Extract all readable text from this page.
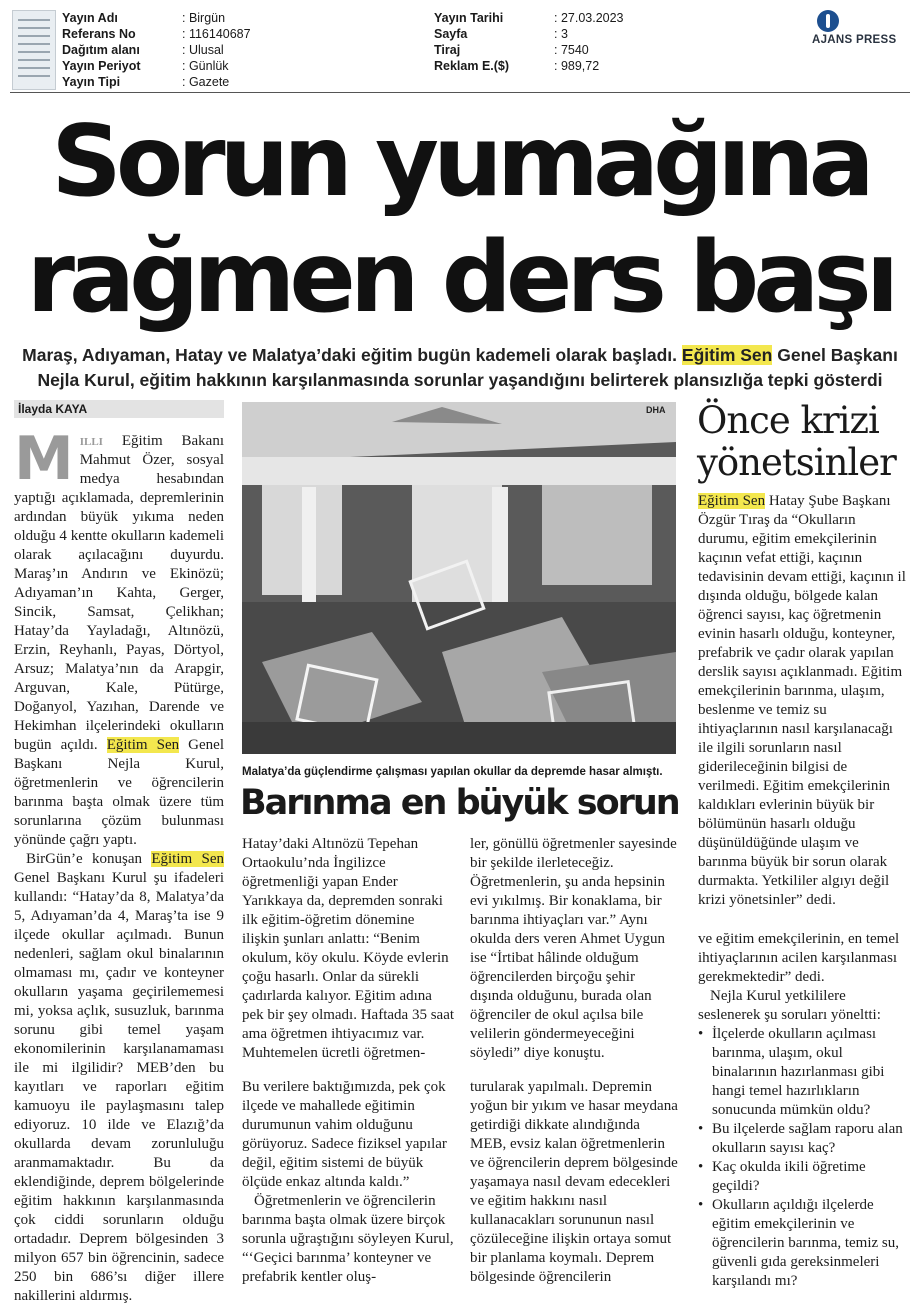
Yayın Adı	: Birgün
Referans No	: 116140687
Dağıtım alanı	: Ulusal
Yayın Periyot	: Günlük
Yayın Tipi	: Gazete
Yayın Tarihi	: 27.03.2023
Sayfa	: 3
Tiraj	: 7540
Reklam E.($)	: 989,72
AJANS PRESS
Sorun yumağına
rağmen ders başı
Maraş, Adıyaman, Hatay ve Malatya’daki eğitim bugün kademeli olarak başladı. Eğitim Sen Genel Başkanı
Nejla Kurul, eğitim hakkının karşılanmasında sorunlar yaşandığını belirterek plansızlığa tepki gösterdi
İlayda KAYA

M illi Eğitim Bakanı Mahmut Özer, sosyal medya hesabından yaptığı açıklamada, depremlerinin ardından büyük yıkıma neden olduğu 4 kentte okulların kademeli olarak açılacağını duyurdu. Maraş’ın Andırın ve Ekinözü; Adıyaman’ın Kahta, Gerger, Sincik, Samsat, Çelikhan; Hatay’da Yayladağı, Altınözü, Erzin, Reyhanlı, Payas, Dörtyol, Arsuz; Malatya’nın da Arapgir, Arguvan, Kale, Pütürge, Doğanyol, Yazıhan, Darende ve Hekimhan ilçelerindeki okulların bugün açıldı. Eğitim Sen Genel Başkanı Nejla Kurul, öğretmenlerin ve öğrencilerin barınma başta olmak üzere tüm sorunlarına çözüm bulunması yönünde çağrı yaptı.

BirGün’e konuşan Eğitim Sen Genel Başkanı Kurul şu ifadeleri kullandı: “Hatay’da 8, Malatya’da 5, Adıyaman’da 4, Maraş’ta ise 9 ilçede okullar açılmadı. Bunun nedenleri, sağlam okul binalarının olmaması mı, çadır ve konteyner okulların yaşama geçirilememesi mi, yoksa açlık, susuzluk, barınma sorunu gibi temel yaşam ekonomilerinin karşılanamaması ile mi ilgilidir? MEB’den bu kayıtları ve raporları eğitim kamuoyu ile paylaşmasını talep ediyoruz. 10 ilde ve Elazığ’da okullarda devam zorunluluğu aranmamaktadır. Bu da eklendiğinde, deprem bölgelerinde eğitim hakkının karşılanmasında çok ciddi sorunların olduğu ortadadır. Deprem bölgesinden 3 milyon 657 bin öğrencinin, sadece 250 bin 686’sı diğer illere nakillerini aldırmış.

DHA
Malatya’da güçlendirme çalışması yapılan okullar da depremde hasar almıştı.
Barınma en büyük sorun

Hatay’daki Altınözü Tepehan Ortaokulu’nda İngilizce öğretmenliği yapan Ender Yarıkkaya da, depremden sonraki ilk eğitim-öğretim dönemine ilişkin şunları anlattı: “Benim okulum, köy okulu. Köyde evlerin çoğu hasarlı. Onlar da sürekli çadırlarda kalıyor. Eğitim adına pek bir şey olmadı. Haftada 35 saat ama öğretmen ihtiyacımız var. Muhtemelen ücretli öğretmen-

ler, gönüllü öğretmenler sayesinde bir şekilde ilerleteceğiz. Öğretmenlerin, şu anda hepsinin evi yıkılmış. Bir konaklama, bir barınma ihtiyaçları var.” Aynı okulda ders veren Ahmet Uygun ise “İrtibat hâlinde olduğum öğrencilerden birçoğu şehir dışında olduğunu, burada olan öğrenciler de okul açılsa bile velilerin göndermeyeceğini söyledi” diye konuştu.

Bu verilere baktığımızda, pek çok ilçede ve mahallede eğitimin durumunun vahim olduğunu görüyoruz. Sadece fiziksel yapılar değil, eğitim sistemi de büyük ölçüde enkaz altında kaldı.”

Öğretmenlerin ve öğrencilerin barınma başta olmak üzere birçok sorunla uğraştığını söyleyen Kurul, “‘Geçici barınma’ konteyner ve prefabrik kentler oluş-

turularak yapılmalı. Depremin yoğun bir yıkım ve hasar meydana getirdiği dikkate alındığında MEB, evsiz kalan öğretmenlerin ve öğrencilerin deprem bölgesinde yaşamaya nasıl devam edecekleri ve eğitim hakkını nasıl kullanacakları sorununun nasıl çözüleceğine ilişkin ortaya somut bir planlama koymalı. Deprem bölgesinde öğrencilerin

Önce krizi yönetsinler

Eğitim Sen Hatay Şube Başkanı Özgür Tıraş da “Okulların durumu, eğitim emekçilerinin kaçının vefat ettiği, kaçının tedavisinin devam ettiği, kaçının il dışında olduğu, bölgede kalan öğrenci sayısı, kaç öğretmenin evinin hasarlı olduğu, konteyner, prefabrik ve çadır olarak yapılan derslik sayısı açıklanmadı. Eğitim emekçilerinin barınma, ulaşım, beslenme ve temiz su ihtiyaçlarının nasıl karşılanacağı ile ilgili sorunların nasıl giderileceğinin bilgisi de verilmedi. Eğitim emekçilerinin kaldıkları evlerinin büyük bir bölümünün hasarlı olduğu düşünüldüğünde ulaşım ve barınma büyük bir sorun olarak durmakta. Yetkililer algıyı değil krizi yönetsinler” dedi.

ve eğitim emekçilerinin, en temel ihtiyaçlarının acilen karşılanması gerekmektedir” dedi.

Nejla Kurul yetkililere seslenerek şu soruları yöneltti:

• İlçelerde okulların açılması barınma, ulaşım, okul binalarının hazırlanması gibi hangi temel hazırlıkların sonucunda mümkün oldu?
• Bu ilçelerde sağlam raporu alan okulların sayısı kaç?
• Kaç okulda ikili öğretime geçildi?
• Okulların açıldığı ilçelerde eğitim emekçilerinin ve öğrencilerin barınma, temiz su, güvenli gıda gereksinmeleri karşılandı mı?
